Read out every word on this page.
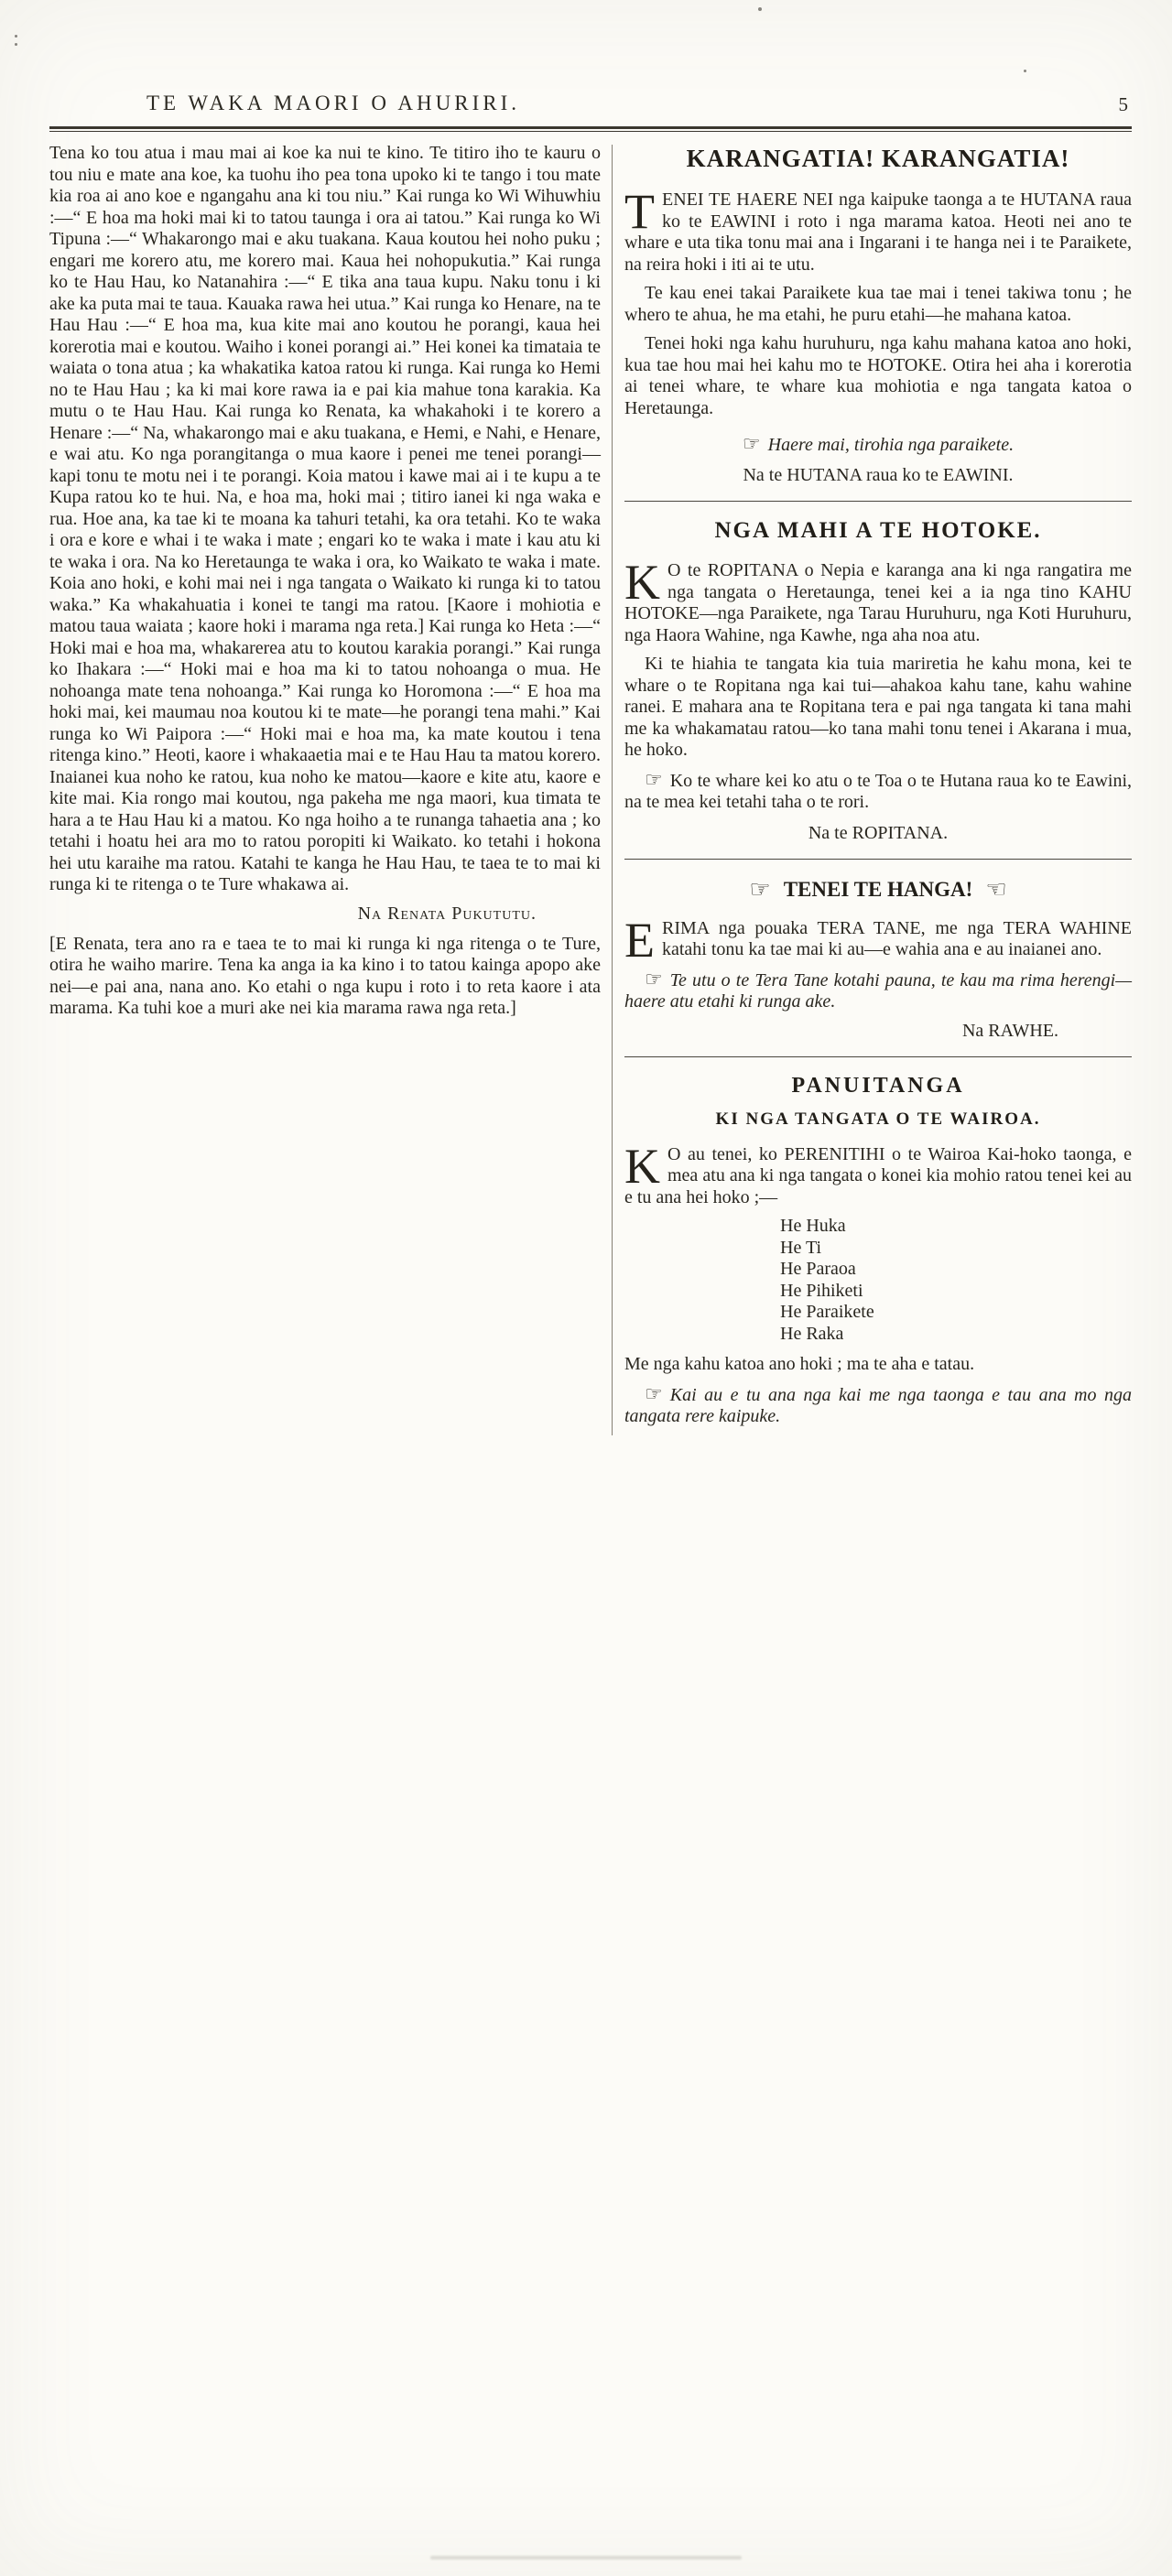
TE WAKA MAORI O AHURIRI.	5

Tena ko tou atua i mau mai ai koe ka nui te kino. Te titiro iho te kauru o tou niu e mate ana koe, ka tuohu iho pea tona upoko ki te tango i tou mate kia roa ai ano koe e ngangahu ana ki tou niu.” Kai runga ko Wi Wihuwhiu :—“ E hoa ma hoki mai ki to tatou taunga i ora ai tatou.” Kai runga ko Wi Tipuna :—“ Whakarongo mai e aku tuakana. Kaua koutou hei noho puku ; engari me korero atu, me korero mai. Kaua hei nohopukutia.” Kai runga ko te Hau Hau, ko Natanahira :—“ E tika ana taua kupu. Naku tonu i ki ake ka puta mai te taua. Kauaka rawa hei utua.” Kai runga ko Henare, na te Hau Hau :—“ E hoa ma, kua kite mai ano koutou he porangi, kaua hei korerotia mai e koutou. Waiho i konei porangi ai.” Hei konei ka timataia te waiata o tona atua ; ka whakatika katoa ratou ki runga. Kai runga ko Hemi no te Hau Hau ; ka ki mai kore rawa ia e pai kia mahue tona karakia. Ka mutu o te Hau Hau. Kai runga ko Renata, ka whakahoki i te korero a Henare :—“ Na, whakarongo mai e aku tuakana, e Hemi, e Nahi, e Henare, e wai atu. Ko nga porangitanga o mua kaore i penei me tenei porangi—kapi tonu te motu nei i te porangi. Koia matou i kawe mai ai i te kupu a te Kupa ratou ko te hui. Na, e hoa ma, hoki mai ; titiro ianei ki nga waka e rua. Hoe ana, ka tae ki te moana ka tahuri tetahi, ka ora tetahi. Ko te waka i ora e kore e whai i te waka i mate ; engari ko te waka i mate i kau atu ki te waka i ora. Na ko Heretaunga te waka i ora, ko Waikato te waka i mate. Koia ano hoki, e kohi mai nei i nga tangata o Waikato ki runga ki to tatou waka.” Ka whakahuatia i konei te tangi ma ratou. [Kaore i mohiotia e matou taua waiata ; kaore hoki i marama nga reta.] Kai runga ko Heta :—“ Hoki mai e hoa ma, whakarerea atu to koutou karakia porangi.” Kai runga ko Ihakara :—“ Hoki mai e hoa ma ki to tatou nohoanga o mua. He nohoanga mate tena nohoanga.” Kai runga ko Horomona :—“ E hoa ma hoki mai, kei maumau noa koutou ki te mate—he porangi tena mahi.” Kai runga ko Wi Paipora :—“ Hoki mai e hoa ma, ka mate koutou i tena ritenga kino.” Heoti, kaore i whakaaetia mai e te Hau Hau ta matou korero. Inaianei kua noho ke ratou, kua noho ke matou—kaore e kite atu, kaore e kite mai. Kia rongo mai koutou, nga pakeha me nga maori, kua timata te hara a te Hau Hau ki a matou. Ko nga hoiho a te runanga tahaetia ana ; ko tetahi i hoatu hei ara mo to ratou poropiti ki Waikato. ko tetahi i hokona hei utu karaihe ma ratou. Katahi te kanga he Hau Hau, te taea te to mai ki runga ki te ritenga o te Ture whakawa ai.

Na Renata Pukututu.

[E Renata, tera ano ra e taea te to mai ki runga ki nga ritenga o te Ture, otira he waiho marire. Tena ka anga ia ka kino i to tatou kainga apopo ake nei—e pai ana, nana ano. Ko etahi o nga kupu i roto i to reta kaore i ata marama. Ka tuhi koe a muri ake nei kia marama rawa nga reta.]

KARANGATIA! KARANGATIA!

TENEI TE HAERE NEI nga kaipuke taonga a te HUTANA raua ko te EAWINI i roto i nga marama katoa. Heoti nei ano te whare e uta tika tonu mai ana i Ingarani i te hanga nei i te Paraikete, na reira hoki i iti ai te utu.

Te kau enei takai Paraikete kua tae mai i tenei takiwa tonu ; he whero te ahua, he ma etahi, he puru etahi—he mahana katoa.

Tenei hoki nga kahu huruhuru, nga kahu mahana katoa ano hoki, kua tae hou mai hei kahu mo te HOTOKE. Otira hei aha i korerotia ai tenei whare, te whare kua mohiotia e nga tangata katoa o Heretaunga.

☞ Haere mai, tirohia nga paraikete.

Na te HUTANA raua ko te EAWINI.

NGA MAHI A TE HOTOKE.

K O te ROPITANA o Nepia e karanga ana ki nga rangatira me nga tangata o Heretaunga, tenei kei a ia nga tino KAHU HOTOKE—nga Paraikete, nga Tarau Huruhuru, nga Koti Huruhuru, nga Haora Wahine, nga Kawhe, nga aha noa atu.

Ki te hiahia te tangata kia tuia mariretia he kahu mona, kei te whare o te Ropitana nga kai tui—ahakoa kahu tane, kahu wahine ranei. E mahara ana te Ropitana tera e pai nga tangata ki tana mahi me ka whakamatau ratou—ko tana mahi tonu tenei i Akarana i mua, he hoko.

☞ Ko te whare kei ko atu o te Toa o te Hutana raua ko te Eawini, na te mea kei tetahi taha o te rori.

Na te ROPITANA.

☞ TENEI TE HANGA! ☜

ERIMA nga pouaka TERA TANE, me nga TERA WAHINE katahi tonu ka tae mai ki au—e wahia ana e au inaianei ano.

☞ Te utu o te Tera Tane kotahi pauna, te kau ma rima herengi—haere atu etahi ki runga ake.

Na RAWHE.

PANUITANGA
KI NGA TANGATA O TE WAIROA.

K O au tenei, ko PERENITIHI o te Wairoa Kai-hoko taonga, e mea atu ana ki nga tangata o konei kia mohio ratou tenei kei au e tu ana hei hoko ;—

He Huka
He Ti
He Paraoa
He Pihiketi
He Paraikete
He Raka

Me nga kahu katoa ano hoki ; ma te aha e tatau.

☞ Kai au e tu ana nga kai me nga taonga e tau ana mo nga tangata rere kaipuke.
